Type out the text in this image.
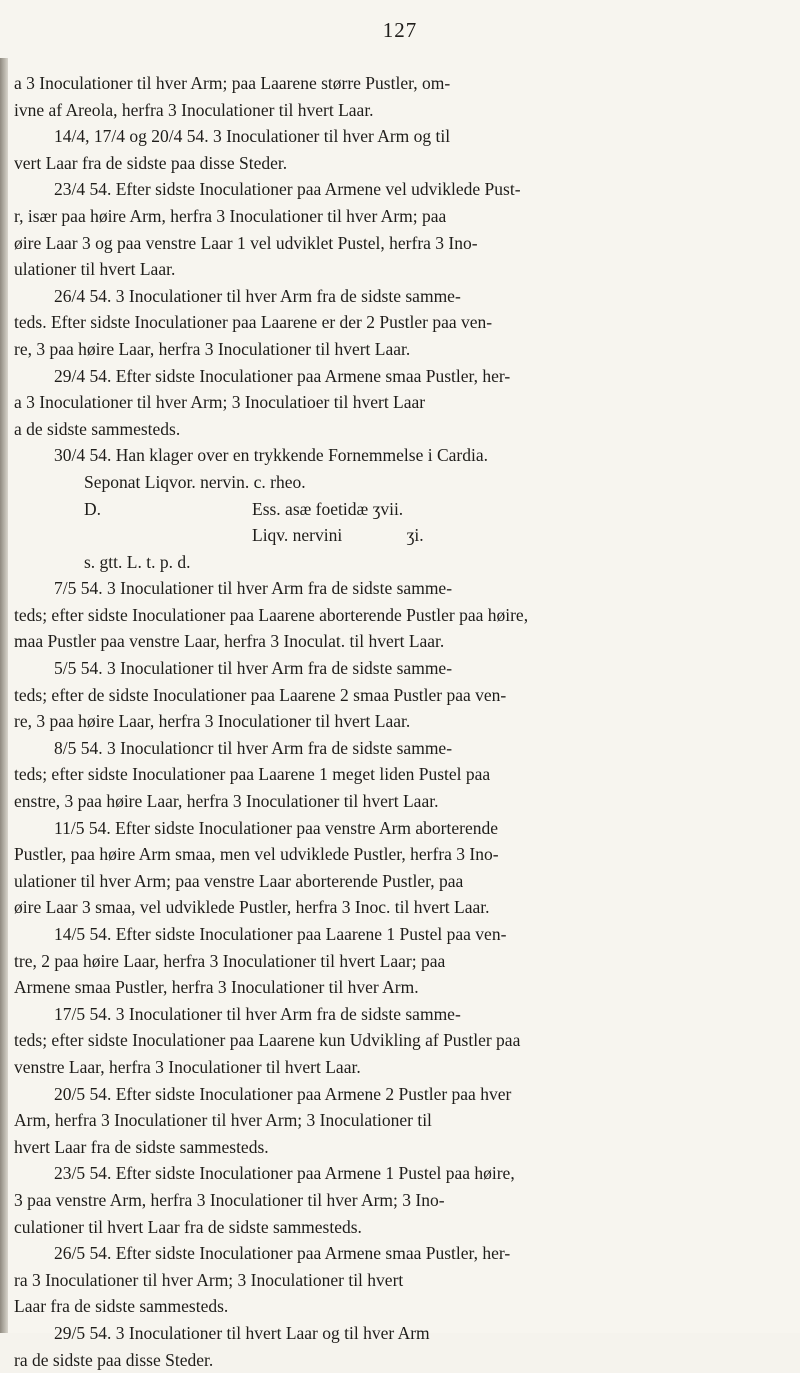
127
a 3 Inoculationer til hver Arm; paa Laarene større Pustler, om-
ivne af Areola, herfra 3 Inoculationer til hvert Laar.
14/4, 17/4 og 20/4 54. 3 Inoculationer til hver Arm og til
vert Laar fra de sidste paa disse Steder.
23/4 54. Efter sidste Inoculationer paa Armene vel udviklede Pust-
r, især paa høire Arm, herfra 3 Inoculationer til hver Arm; paa
øire Laar 3 og paa venstre Laar 1 vel udviklet Pustel, herfra 3 Ino-
ulationer til hvert Laar.
26/4 54. 3 Inoculationer til hver Arm fra de sidste samme-
teds. Efter sidste Inoculationer paa Laarene er der 2 Pustler paa ven-
re, 3 paa høire Laar, herfra 3 Inoculationer til hvert Laar.
29/4 54. Efter sidste Inoculationer paa Armene smaa Pustler, her-
a 3 Inoculationer til hver Arm; 3 Inoculatioer til hvert Laar
a de sidste sammesteds.
30/4 54. Han klager over en trykkende Fornemmelse i Cardia.
Seponat Liqvor. nervin. c. rheo.
D.	Ess. asæ foetidæ ʒvii.
Liqv. nervini	ʒi.
s. gtt. L. t. p. d.
7/5 54. 3 Inoculationer til hver Arm fra de sidste samme-
teds; efter sidste Inoculationer paa Laarene aborterende Pustler paa høire,
maa Pustler paa venstre Laar, herfra 3 Inoculat. til hvert Laar.
5/5 54. 3 Inoculationer til hver Arm fra de sidste samme-
teds; efter de sidste Inoculationer paa Laarene 2 smaa Pustler paa ven-
re, 3 paa høire Laar, herfra 3 Inoculationer til hvert Laar.
8/5 54. 3 Inoculationcr til hver Arm fra de sidste samme-
teds; efter sidste Inoculationer paa Laarene 1 meget liden Pustel paa
enstre, 3 paa høire Laar, herfra 3 Inoculationer til hvert Laar.
11/5 54. Efter sidste Inoculationer paa venstre Arm aborterende
Pustler, paa høire Arm smaa, men vel udviklede Pustler, herfra 3 Ino-
ulationer til hver Arm; paa venstre Laar aborterende Pustler, paa
øire Laar 3 smaa, vel udviklede Pustler, herfra 3 Inoc. til hvert Laar.
14/5 54. Efter sidste Inoculationer paa Laarene 1 Pustel paa ven-
tre, 2 paa høire Laar, herfra 3 Inoculationer til hvert Laar; paa
Armene smaa Pustler, herfra 3 Inoculationer til hver Arm.
17/5 54. 3 Inoculationer til hver Arm fra de sidste samme-
teds; efter sidste Inoculationer paa Laarene kun Udvikling af Pustler paa
venstre Laar, herfra 3 Inoculationer til hvert Laar.
20/5 54. Efter sidste Inoculationer paa Armene 2 Pustler paa hver
Arm, herfra 3 Inoculationer til hver Arm; 3 Inoculationer til
hvert Laar fra de sidste sammesteds.
23/5 54. Efter sidste Inoculationer paa Armene 1 Pustel paa høire,
3 paa venstre Arm, herfra 3 Inoculationer til hver Arm; 3 Ino-
culationer til hvert Laar fra de sidste sammesteds.
26/5 54. Efter sidste Inoculationer paa Armene smaa Pustler, her-
ra 3 Inoculationer til hver Arm; 3 Inoculationer til hvert
Laar fra de sidste sammesteds.
29/5 54. 3 Inoculationer til hvert Laar og til hver Arm
ra de sidste paa disse Steder.
